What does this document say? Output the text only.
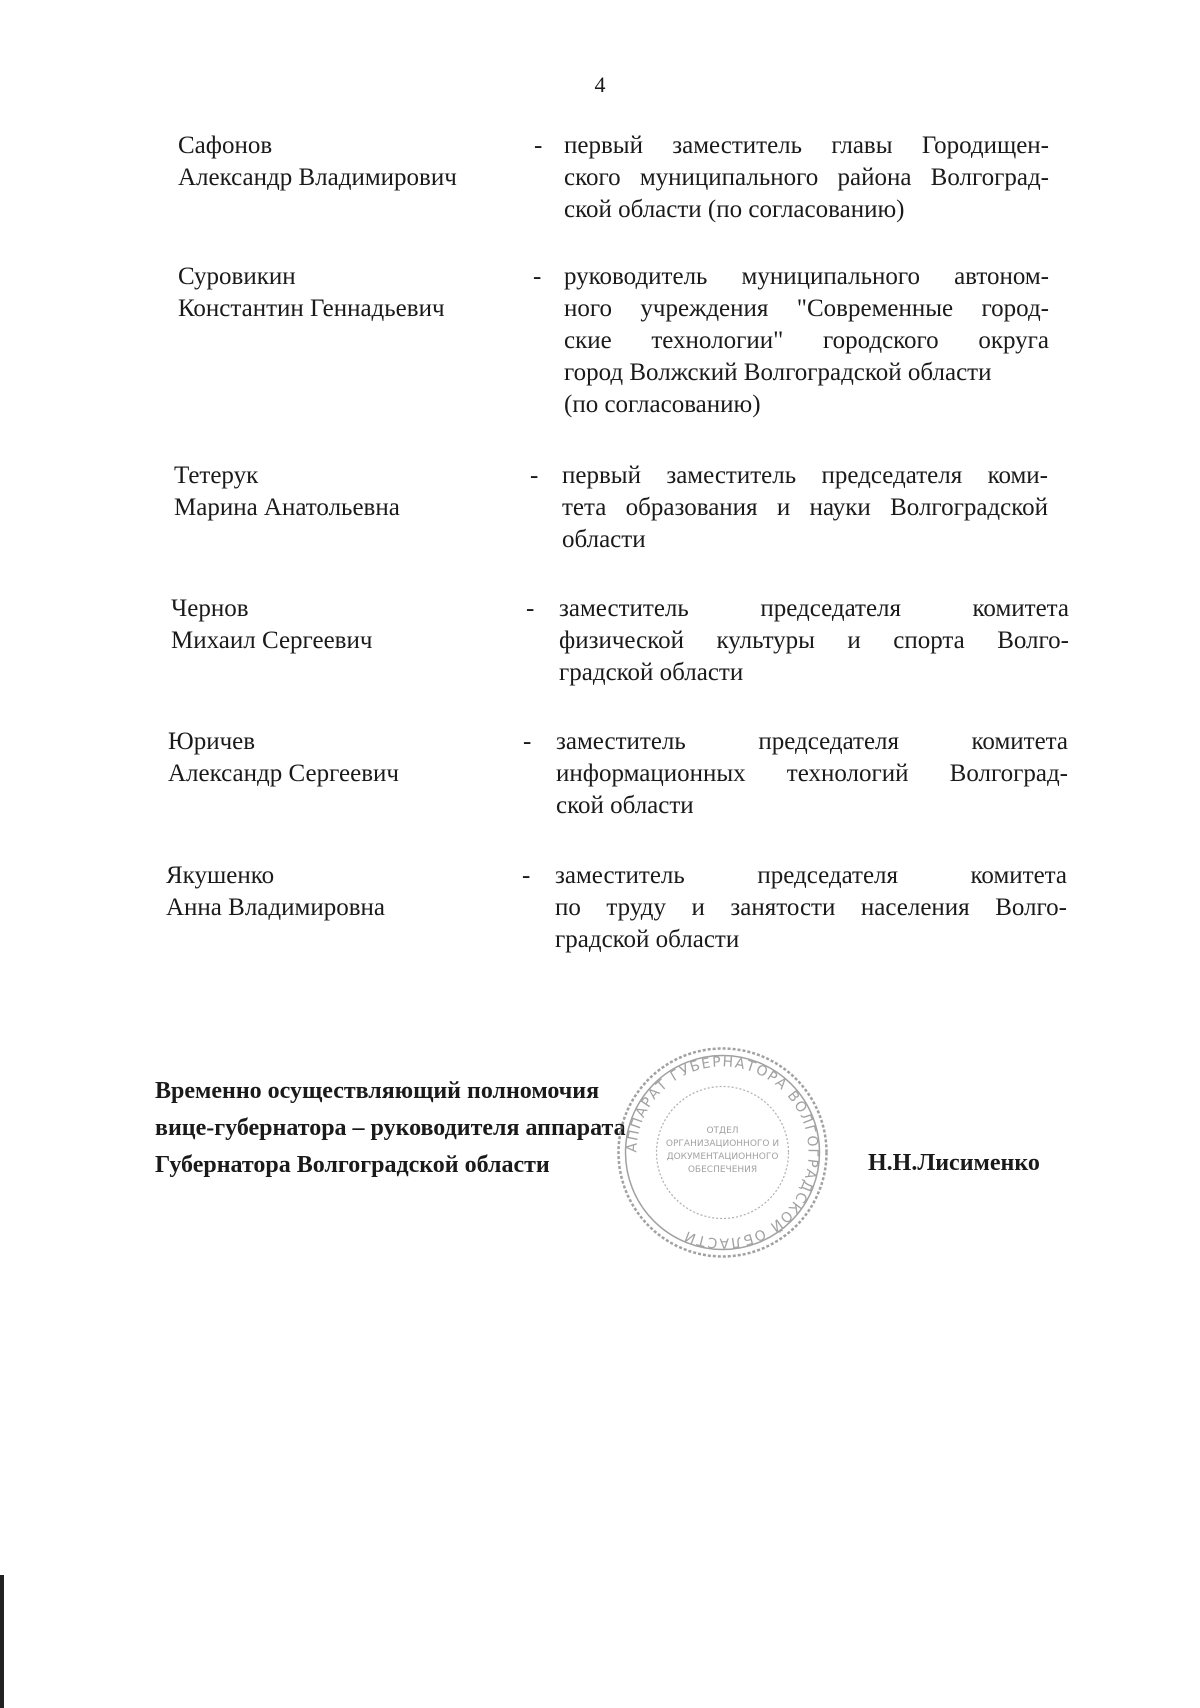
4
Сафонов
Александр Владимирович
- первый заместитель главы Городищен-
ского муниципального района Волгоград-
ской области (по согласованию)
Суровикин
Константин Геннадьевич
- руководитель муниципального автоном-
ного учреждения "Современные город-
ские технологии" городского округа
город Волжский Волгоградской области
(по согласованию)
Тетерук
Марина Анатольевна
- первый заместитель председателя коми-
тета образования и науки Волгоградской
области
Чернов
Михаил Сергеевич
- заместитель председателя комитета
физической культуры и спорта Волго-
градской области
Юричев
Александр Сергеевич
- заместитель председателя комитета
информационных технологий Волгоград-
ской области
Якушенко
Анна Владимировна
- заместитель председателя комитета
по труду и занятости населения Волго-
градской области
Временно осуществляющий полномочия
вице-губернатора – руководителя аппарата
Губернатора Волгоградской области	Н.Н.Лисименко
АППАРАТ ГУБЕРНАТОРА ВОЛГОГРАДСКОЙ ОБЛАСТИ
ОТДЕЛ
ОРГАНИЗАЦИОННОГО И
ДОКУМЕНТАЦИОННОГО
ОБЕСПЕЧЕНИЯ
